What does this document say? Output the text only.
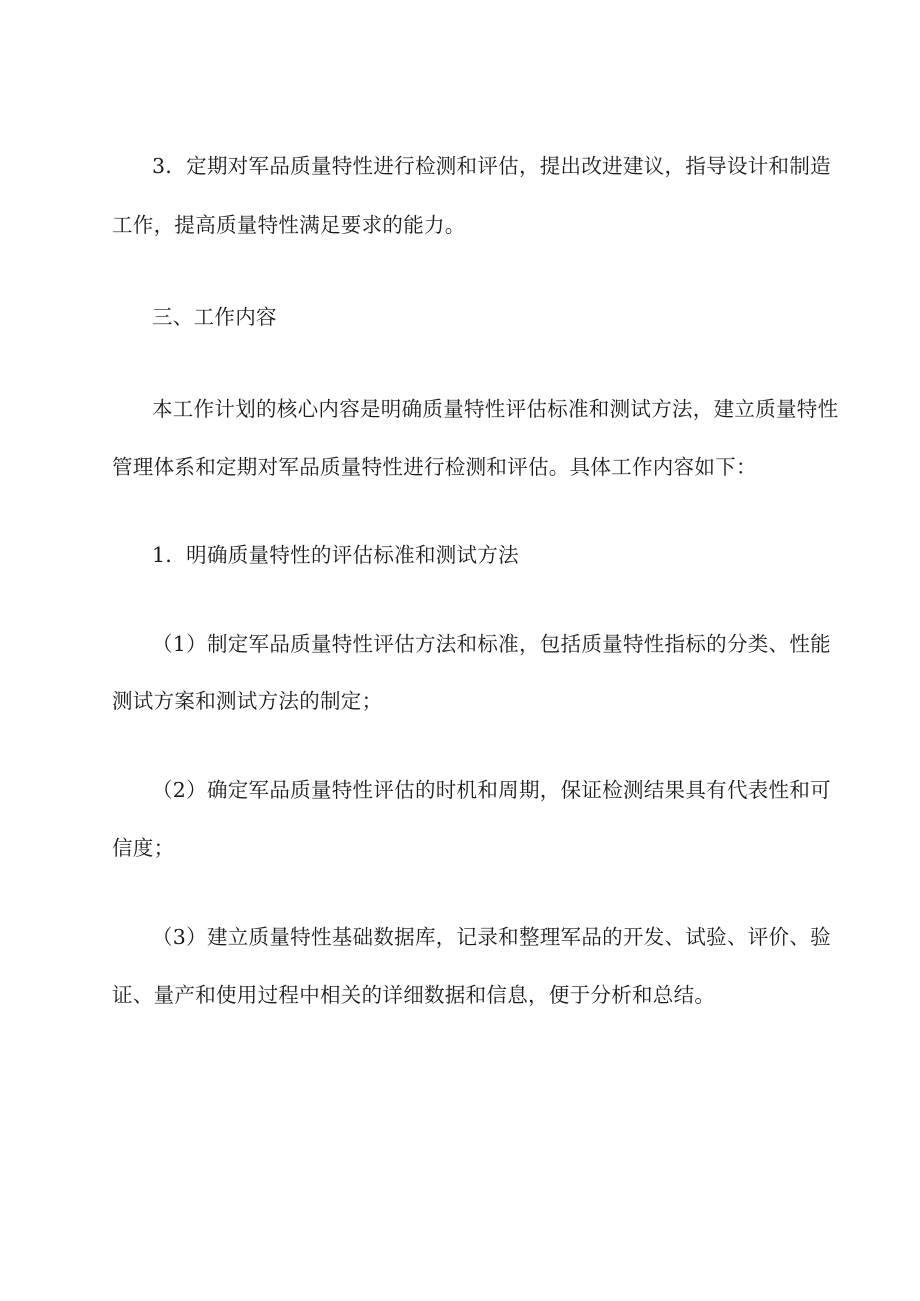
3．定期对军品质量特性进行检测和评估，提出改进建议，指导设计和制造
工作，提高质量特性满足要求的能力。
三、工作内容
本工作计划的核心内容是明确质量特性评估标准和测试方法，建立质量特性
管理体系和定期对军品质量特性进行检测和评估。具体工作内容如下：
1．明确质量特性的评估标准和测试方法
（1）制定军品质量特性评估方法和标准，包括质量特性指标的分类、性能
测试方案和测试方法的制定；
（2）确定军品质量特性评估的时机和周期，保证检测结果具有代表性和可
信度；
（3）建立质量特性基础数据库，记录和整理军品的开发、试验、评价、验
证、量产和使用过程中相关的详细数据和信息，便于分析和总结。
